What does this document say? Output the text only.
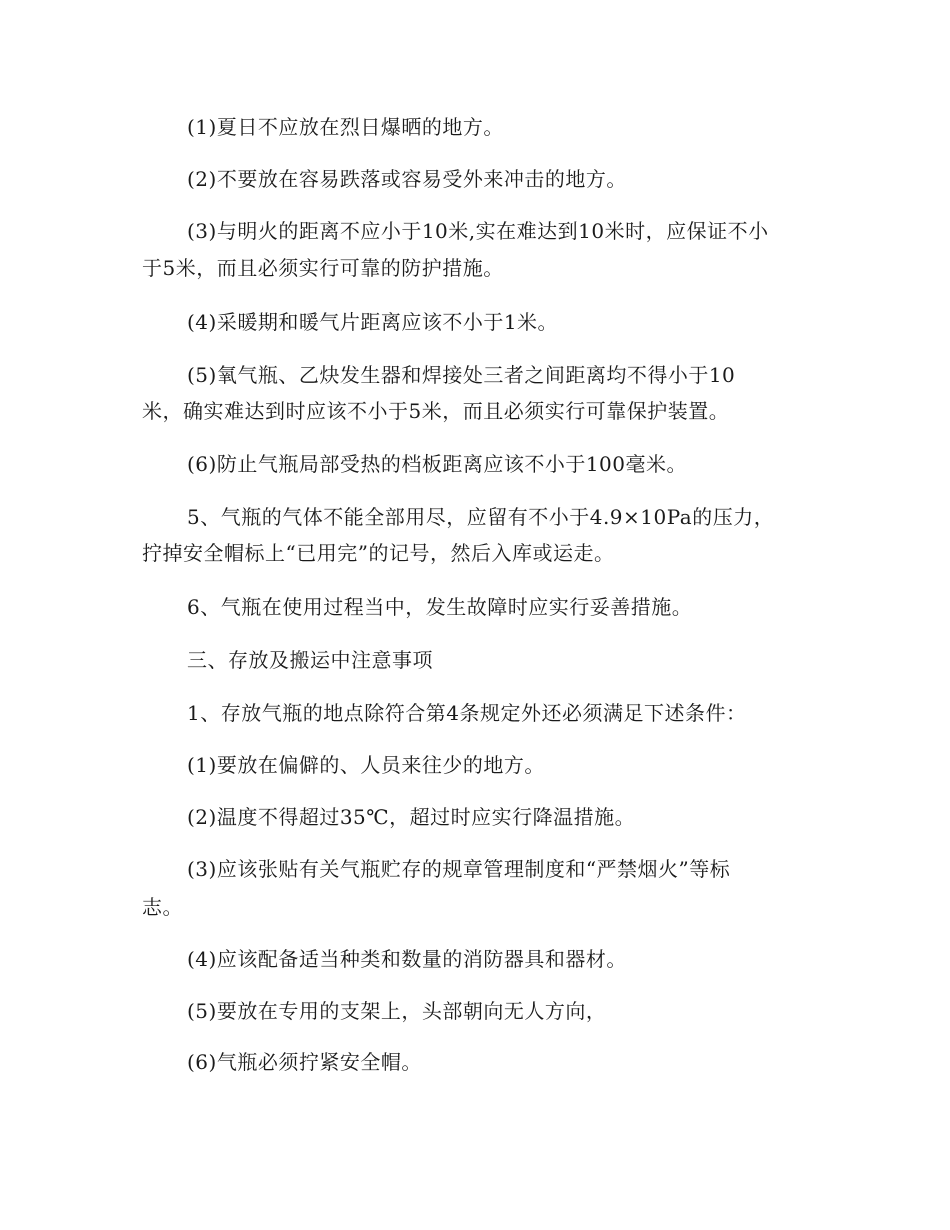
(1)夏日不应放在烈日爆晒的地方。
(2)不要放在容易跌落或容易受外来冲击的地方。
(3)与明火的距离不应小于10米,实在难达到10米时，应保证不小
于5米，而且必须实行可靠的防护措施。
(4)采暖期和暖气片距离应该不小于1米。
(5)氧气瓶、乙炔发生器和焊接处三者之间距离均不得小于10
米，确实难达到时应该不小于5米，而且必须实行可靠保护装置。
(6)防止气瓶局部受热的档板距离应该不小于100毫米。
5、气瓶的气体不能全部用尽，应留有不小于4.9×10Pa的压力，
拧掉安全帽标上“已用完”的记号，然后入库或运走。
6、气瓶在使用过程当中，发生故障时应实行妥善措施。
三、存放及搬运中注意事项
1、存放气瓶的地点除符合第4条规定外还必须满足下述条件：
(1)要放在偏僻的、人员来往少的地方。
(2)温度不得超过35℃，超过时应实行降温措施。
(3)应该张贴有关气瓶贮存的规章管理制度和“严禁烟火”等标
志。
(4)应该配备适当种类和数量的消防器具和器材。
(5)要放在专用的支架上，头部朝向无人方向，
(6)气瓶必须拧紧安全帽。
